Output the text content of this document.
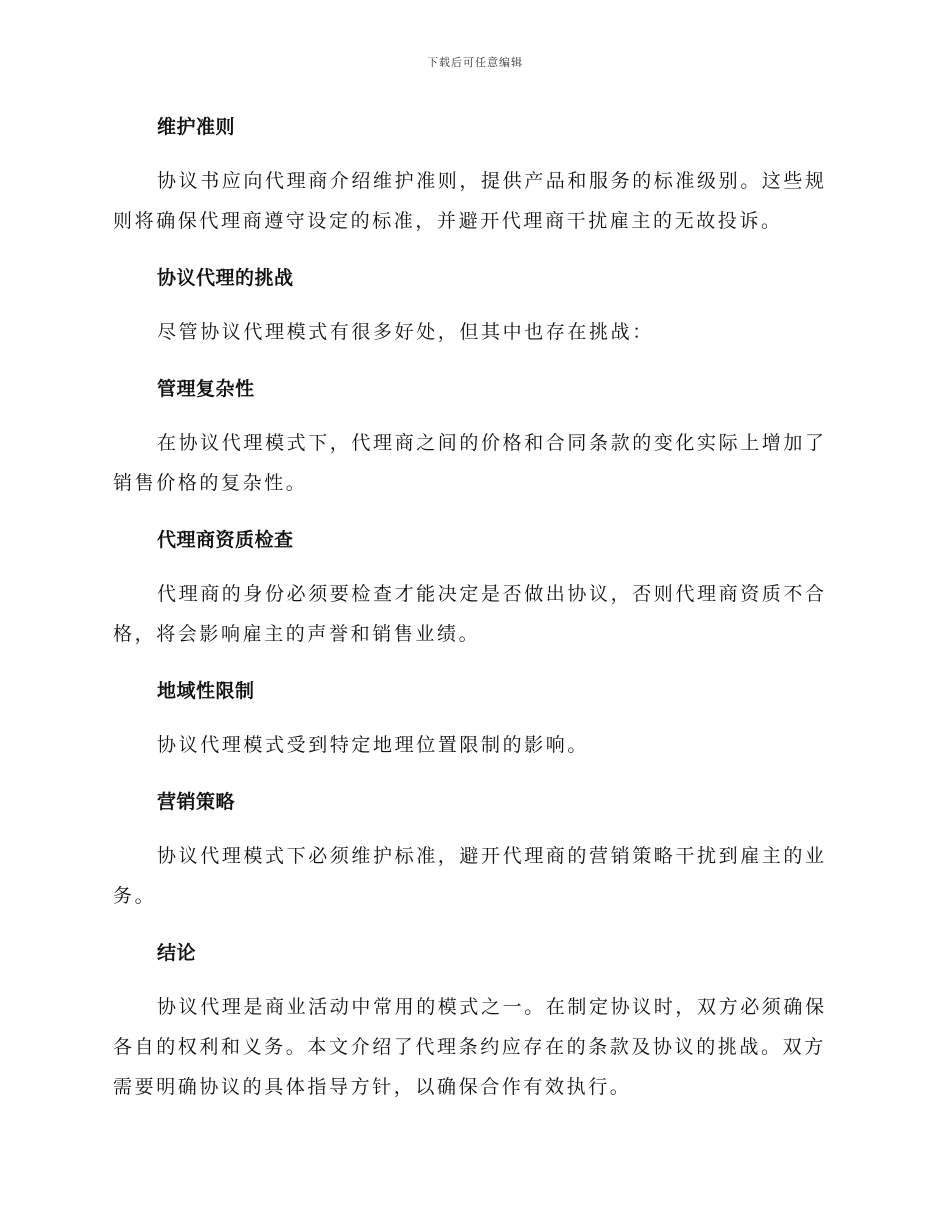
下载后可任意编辑
维护准则

协议书应向代理商介绍维护准则，提供产品和服务的标准级别。这些规则将确保代理商遵守设定的标准，并避开代理商干扰雇主的无故投诉。

协议代理的挑战

尽管协议代理模式有很多好处，但其中也存在挑战：

管理复杂性

在协议代理模式下，代理商之间的价格和合同条款的变化实际上增加了销售价格的复杂性。

代理商资质检查

代理商的身份必须要检查才能决定是否做出协议，否则代理商资质不合格，将会影响雇主的声誉和销售业绩。

地域性限制

协议代理模式受到特定地理位置限制的影响。

营销策略

协议代理模式下必须维护标准，避开代理商的营销策略干扰到雇主的业务。

结论

协议代理是商业活动中常用的模式之一。在制定协议时，双方必须确保各自的权利和义务。本文介绍了代理条约应存在的条款及协议的挑战。双方需要明确协议的具体指导方针，以确保合作有效执行。
